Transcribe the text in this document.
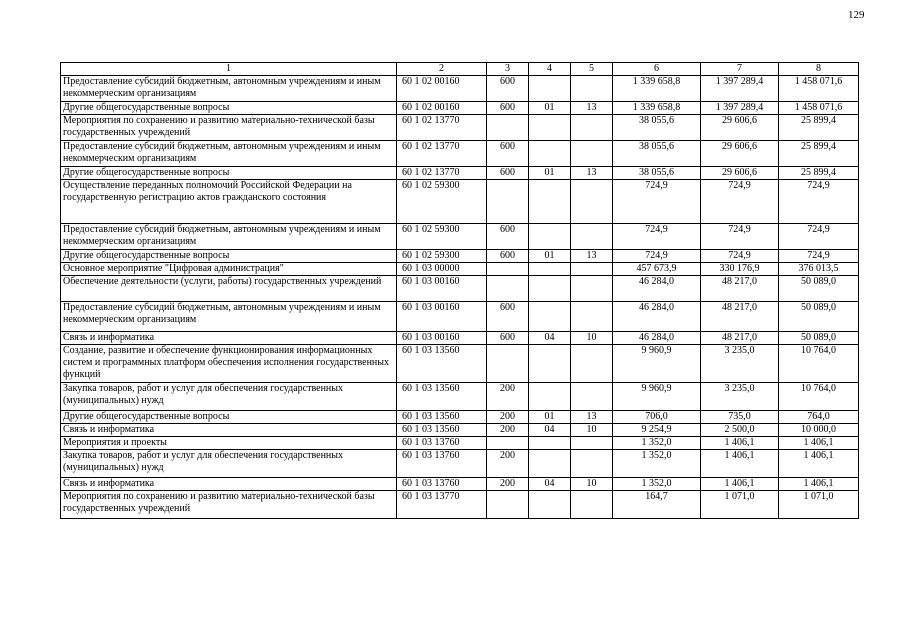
129
1	2	3	4	5	6	7	8
Предоставление субсидий бюджетным, автономным учреждениям и иным некоммерческим организациям	60 1 02 00160	600			1 339 658,8	1 397 289,4	1 458 071,6
Другие общегосударственные вопросы	60 1 02 00160	600	01	13	1 339 658,8	1 397 289,4	1 458 071,6
Мероприятия по сохранению и развитию материально-технической базы государственных учреждений	60 1 02 13770				38 055,6	29 606,6	25 899,4
Предоставление субсидий бюджетным, автономным учреждениям и иным некоммерческим организациям	60 1 02 13770	600			38 055,6	29 606,6	25 899,4
Другие общегосударственные вопросы	60 1 02 13770	600	01	13	38 055,6	29 606,6	25 899,4
Осуществление переданных полномочий Российской Федерации на государственную регистрацию актов гражданского состояния	60 1 02 59300				724,9	724,9	724,9
Предоставление субсидий бюджетным, автономным учреждениям и иным некоммерческим организациям	60 1 02 59300	600			724,9	724,9	724,9
Другие общегосударственные вопросы	60 1 02 59300	600	01	13	724,9	724,9	724,9
Основное мероприятие "Цифровая администрация"	60 1 03 00000				457 673,9	330 176,9	376 013,5
Обеспечение деятельности (услуги, работы) государственных учреждений	60 1 03 00160				46 284,0	48 217,0	50 089,0
Предоставление субсидий бюджетным, автономным учреждениям и иным некоммерческим организациям	60 1 03 00160	600			46 284,0	48 217,0	50 089,0
Связь и информатика	60 1 03 00160	600	04	10	46 284,0	48 217,0	50 089,0
Создание, развитие и обеспечение функционирования информационных систем и программных платформ обеспечения исполнения государственных функций	60 1 03 13560				9 960,9	3 235,0	10 764,0
Закупка товаров, работ и услуг для обеспечения государственных (муниципальных) нужд	60 1 03 13560	200			9 960,9	3 235,0	10 764,0
Другие общегосударственные вопросы	60 1 03 13560	200	01	13	706,0	735,0	764,0
Связь и информатика	60 1 03 13560	200	04	10	9 254,9	2 500,0	10 000,0
Мероприятия и проекты	60 1 03 13760				1 352,0	1 406,1	1 406,1
Закупка товаров, работ и услуг для обеспечения государственных (муниципальных) нужд	60 1 03 13760	200			1 352,0	1 406,1	1 406,1
Связь и информатика	60 1 03 13760	200	04	10	1 352,0	1 406,1	1 406,1
Мероприятия по сохранению и развитию материально-технической базы государственных учреждений	60 1 03 13770				164,7	1 071,0	1 071,0
